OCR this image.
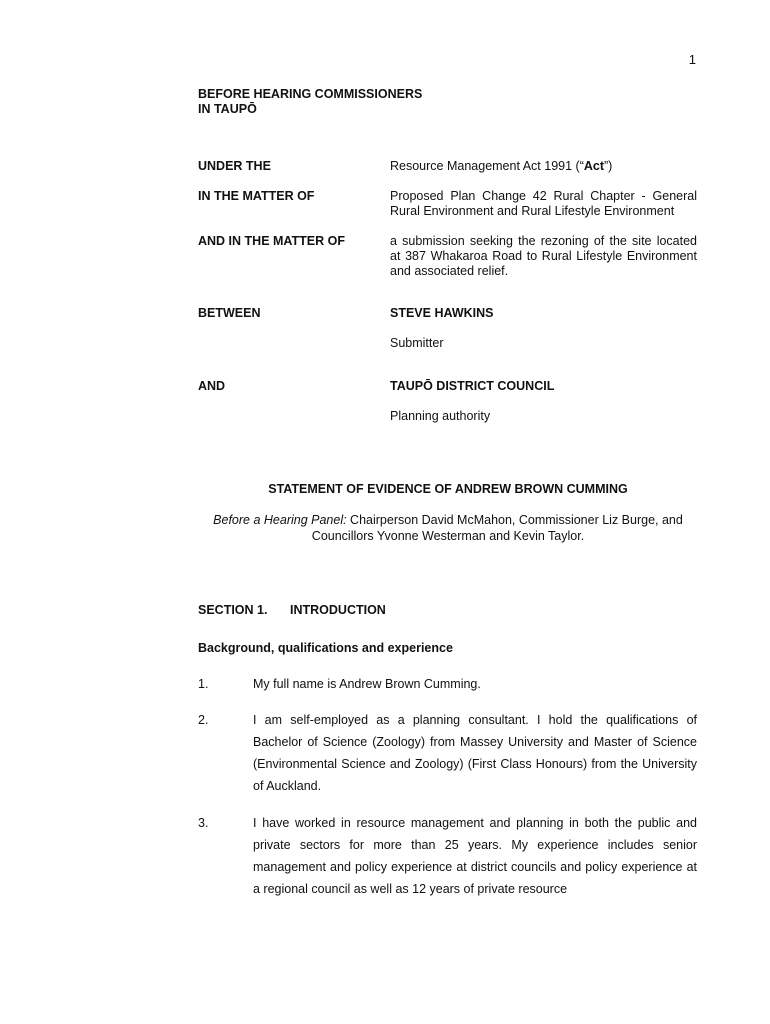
1
BEFORE HEARING COMMISSIONERS
IN TAUPŌ
UNDER THE	Resource Management Act 1991 (“Act”)
IN THE MATTER OF	Proposed Plan Change 42 Rural Chapter - General Rural Environment and Rural Lifestyle Environment
AND IN THE MATTER OF	a submission seeking the rezoning of the site located at 387 Whakaroa Road to Rural Lifestyle Environment and associated relief.
BETWEEN	STEVE HAWKINS
Submitter
AND	TAUPŌ DISTRICT COUNCIL
Planning authority
STATEMENT OF EVIDENCE OF ANDREW BROWN CUMMING
Before a Hearing Panel: Chairperson David McMahon, Commissioner Liz Burge, and Councillors Yvonne Westerman and Kevin Taylor.
SECTION 1. INTRODUCTION
Background, qualifications and experience
1.	My full name is Andrew Brown Cumming.
2.	I am self-employed as a planning consultant. I hold the qualifications of Bachelor of Science (Zoology) from Massey University and Master of Science (Environmental Science and Zoology) (First Class Honours) from the University of Auckland.
3.	I have worked in resource management and planning in both the public and private sectors for more than 25 years. My experience includes senior management and policy experience at district councils and policy experience at a regional council as well as 12 years of private resource
